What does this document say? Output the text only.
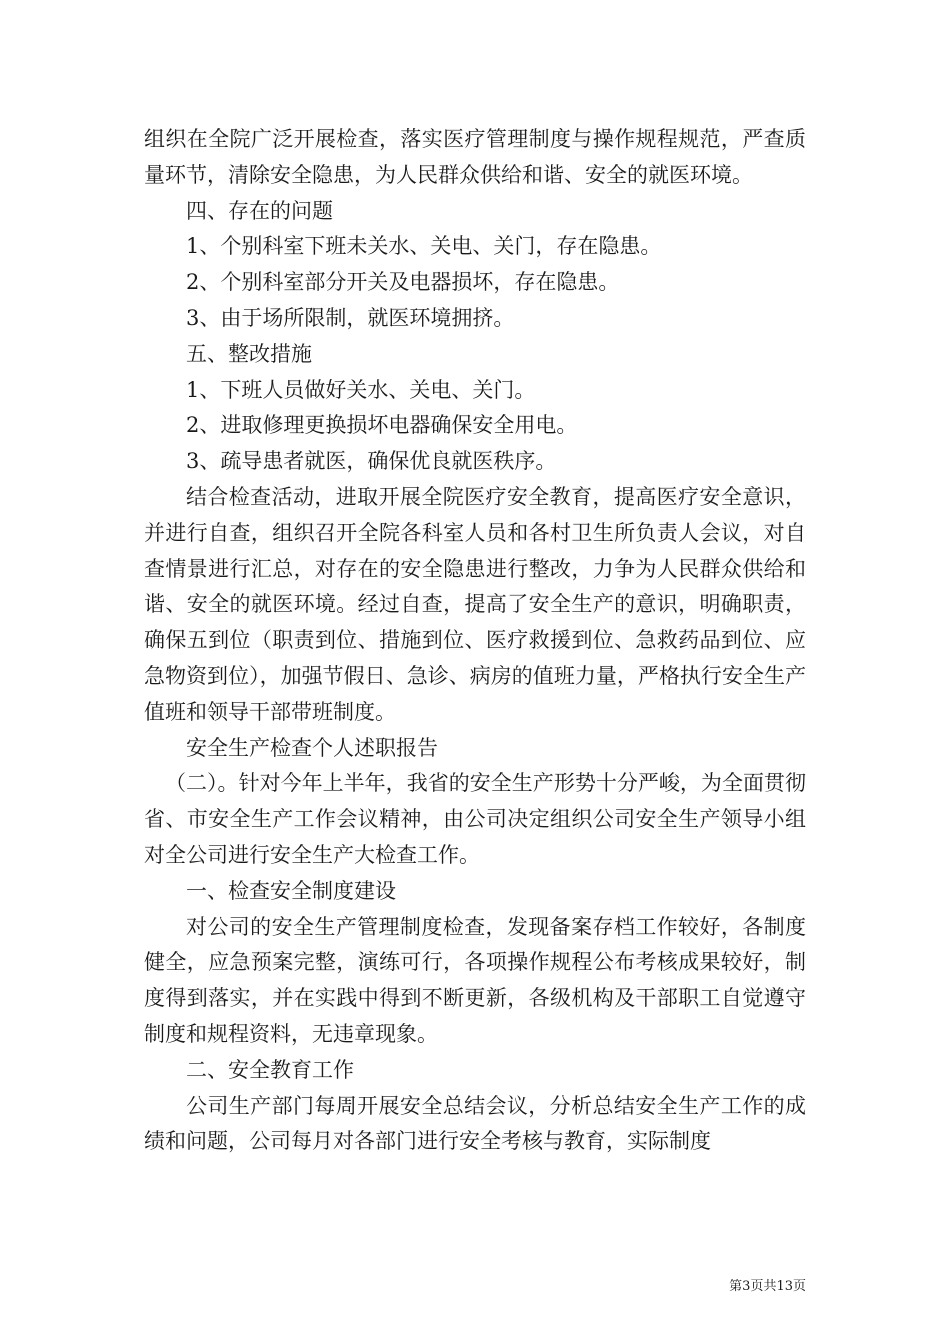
组织在全院广泛开展检查，落实医疗管理制度与操作规程规范，严查质量环节，清除安全隐患，为人民群众供给和谐、安全的就医环境。

四、存在的问题

1、个别科室下班未关水、关电、关门，存在隐患。

2、个别科室部分开关及电器损坏，存在隐患。

3、由于场所限制，就医环境拥挤。

五、整改措施

1、下班人员做好关水、关电、关门。

2、进取修理更换损坏电器确保安全用电。

3、疏导患者就医，确保优良就医秩序。

结合检查活动，进取开展全院医疗安全教育，提高医疗安全意识，并进行自查，组织召开全院各科室人员和各村卫生所负责人会议，对自查情景进行汇总，对存在的安全隐患进行整改，力争为人民群众供给和谐、安全的就医环境。经过自查，提高了安全生产的意识，明确职责，确保五到位（职责到位、措施到位、医疗救援到位、急救药品到位、应急物资到位），加强节假日、急诊、病房的值班力量，严格执行安全生产值班和领导干部带班制度。

安全生产检查个人述职报告

（二）。针对今年上半年，我省的安全生产形势十分严峻，为全面贯彻省、市安全生产工作会议精神，由公司决定组织公司安全生产领导小组对全公司进行安全生产大检查工作。

一、检查安全制度建设

对公司的安全生产管理制度检查，发现备案存档工作较好，各制度健全，应急预案完整，演练可行，各项操作规程公布考核成果较好，制度得到落实，并在实践中得到不断更新，各级机构及干部职工自觉遵守制度和规程资料，无违章现象。

二、安全教育工作

公司生产部门每周开展安全总结会议，分析总结安全生产工作的成绩和问题，公司每月对各部门进行安全考核与教育，实际制度

第3页共13页
